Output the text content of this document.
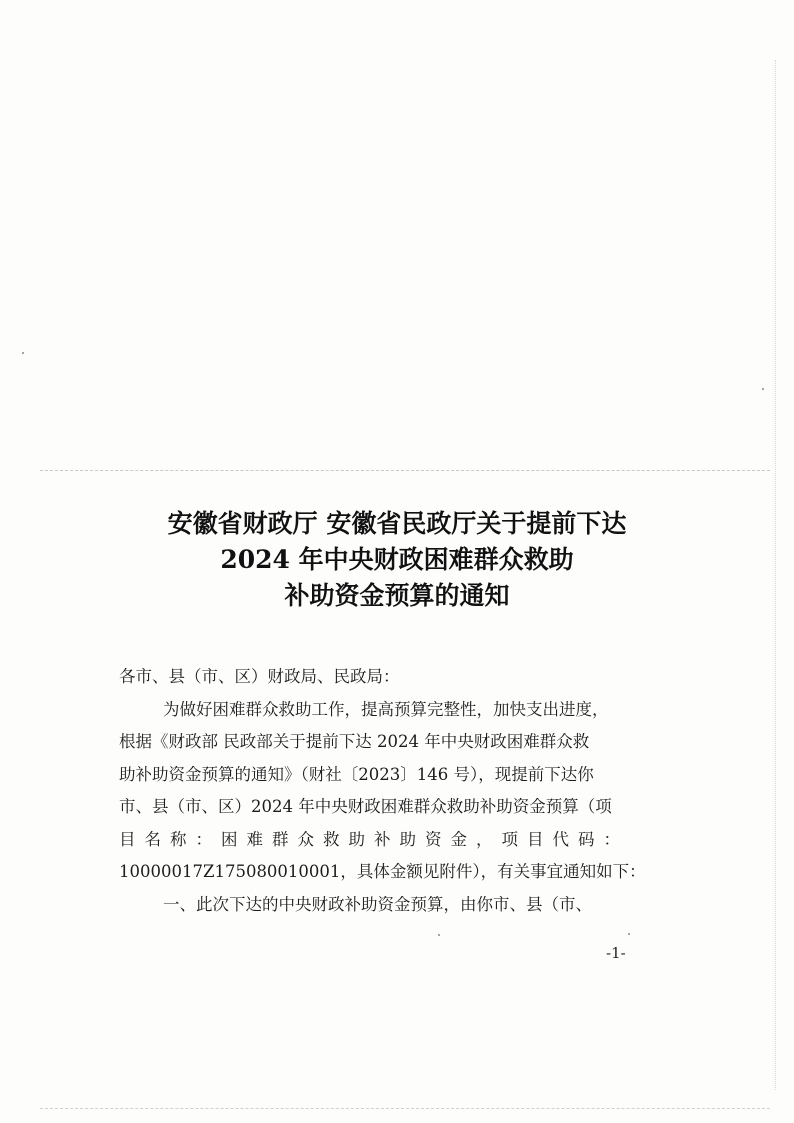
安徽省财政厅 安徽省民政厅关于提前下达
2024 年中央财政困难群众救助
补助资金预算的通知
各市、县（市、区）财政局、民政局：
为做好困难群众救助工作，提高预算完整性，加快支出进度，
根据《财政部 民政部关于提前下达 2024 年中央财政困难群众救
助补助资金预算的通知》（财社〔2023〕146 号），现提前下达你
市、县（市、区）2024 年中央财政困难群众救助补助资金预算（项
目名称：困难群众救助补助资金，项目代码：
10000017Z175080010001，具体金额见附件），有关事宜通知如下：
一、此次下达的中央财政补助资金预算，由你市、县（市、
-1-
